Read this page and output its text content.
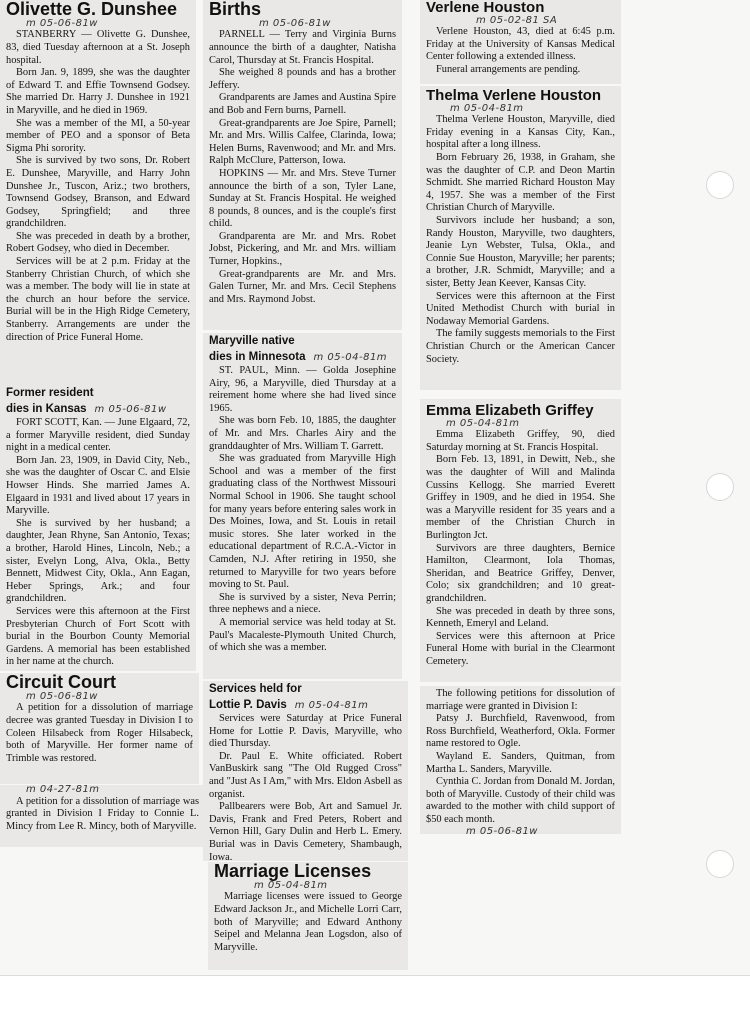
Olivette G. Dunshee
m 05-06-81w

STANBERRY — Olivette G. Dunshee, 83, died Tuesday afternoon at a St. Joseph hospital.

Born Jan. 9, 1899, she was the daughter of Edward T. and Effie Townsend Godsey. She married Dr. Harry J. Dunshee in 1921 in Maryville, and he died in 1969.

She was a member of the MI, a 50-year member of PEO and a sponsor of Beta Sigma Phi sorority.

She is survived by two sons, Dr. Robert E. Dunshee, Maryville, and Harry John Dunshee Jr., Tuscon, Ariz.; two brothers, Townsend Godsey, Branson, and Edward Godsey, Springfield; and three grandchildren.

She was preceded in death by a brother, Robert Godsey, who died in December.

Services will be at 2 p.m. Friday at the Stanberry Christian Church, of which she was a member. The body will lie in state at the church an hour before the service. Burial will be in the High Ridge Cemetery, Stanberry. Arrangements are under the direction of Price Funeral Home.

Former resident
dies in Kansas m 05-06-81w

FORT SCOTT, Kan. — June Elgaard, 72, a former Maryville resident, died Sunday night in a medical center.

Born Jan. 23, 1909, in David City, Neb., she was the daughter of Oscar C. and Elsie Howser Hinds. She married James A. Elgaard in 1931 and lived about 17 years in Maryville.

She is survived by her husband; a daughter, Jean Rhyne, San Antonio, Texas; a brother, Harold Hines, Lincoln, Neb.; a sister, Evelyn Long, Alva, Okla., Betty Bennett, Midwest City, Okla., Ann Eagan, Heber Springs, Ark.; and four grandchildren.

Services were this afternoon at the First Presbyterian Church of Fort Scott with burial in the Bourbon County Memorial Gardens. A memorial has been established in her name at the church.

Circuit Court
m 05-06-81w

A petition for a dissolution of marriage decree was granted Tuesday in Division I to Coleen Hilsabeck from Roger Hilsabeck, both of Maryville. Her former name of Trimble was restored.

m 04-27-81m

A petition for a dissolution of marriage was granted in Division I Friday to Connie L. Mincy from Lee R. Mincy, both of Maryville.

Births
m 05-06-81w

PARNELL — Terry and Virginia Burns announce the birth of a daughter, Natisha Carol, Thursday at St. Francis Hospital.

She weighed 8 pounds and has a brother Jeffery.

Grandparents are James and Austina Spire and Bob and Fern burns, Parnell.

Great-grandparents are Joe Spire, Parnell; Mr. and Mrs. Willis Calfee, Clarinda, Iowa; Helen Burns, Ravenwood; and Mr. and Mrs. Ralph McClure, Patterson, Iowa.

HOPKINS — Mr. and Mrs. Steve Turner announce the birth of a son, Tyler Lane, Sunday at St. Francis Hospital. He weighed 8 pounds, 8 ounces, and is the couple's first child.

Grandparenta are Mr. and Mrs. Robet Jobst, Pickering, and Mr. and Mrs. william Turner, Hopkins.,

Great-grandparents are Mr. and Mrs. Galen Turner, Mr. and Mrs. Cecil Stephens and Mrs. Raymond Jobst.

Maryville native
dies in Minnesota m 05-04-81m

ST. PAUL, Minn. — Golda Josephine Airy, 96, a Maryville, died Thursday at a reirement home where she had lived since 1965.

She was born Feb. 10, 1885, the daughter of Mr. and Mrs. Charles Airy and the granddaughter of Mrs. William T. Garrett.

She was graduated from Maryville High School and was a member of the first graduating class of the Northwest Missouri Normal School in 1906. She taught school for many years before entering sales work in Des Moines, Iowa, and St. Louis in retail music stores. She later worked in the educational department of R.C.A.-Victor in Camden, N.J. After retiring in 1950, she returned to Maryville for two years before moving to St. Paul.

She is survived by a sister, Neva Perrin; three nephews and a niece.

A memorial service was held today at St. Paul's Macaleste-Plymouth United Church, of which she was a member.

Services held for
Lottie P. Davis m 05-04-81m

Services were Saturday at Price Funeral Home for Lottie P. Davis, Maryville, who died Thursday.

Dr. Paul E. White officiated. Robert VanBuskirk sang "The Old Rugged Cross" and "Just As I Am," with Mrs. Eldon Asbell as organist.

Pallbearers were Bob, Art and Samuel Jr. Davis, Frank and Fred Peters, Robert and Vernon Hill, Gary Dulin and Herb L. Emery. Burial was in Davis Cemetery, Shambaugh, Iowa.

Marriage Licenses
m 05-04-81m

Marriage licenses were issued to George Edward Jackson Jr., and Michelle Lorri Carr, both of Maryville; and Edward Anthony Seipel and Melanna Jean Logsdon, also of Maryville.

Verlene Houston
m 05-02-81 SA

Verlene Houston, 43, died at 6:45 p.m. Friday at the University of Kansas Medical Center following a extended illness.

Funeral arrangements are pending.

Thelma Verlene Houston
m 05-04-81m

Thelma Verlene Houston, Maryville, died Friday evening in a Kansas City, Kan., hospital after a long illness.

Born February 26, 1938, in Graham, she was the daughter of C.P. and Deon Martin Schmidt. She married Richard Houston May 4, 1957. She was a member of the First Christian Church of Maryville.

Survivors include her husband; a son, Randy Houston, Maryville, two daughters, Jeanie Lyn Webster, Tulsa, Okla., and Connie Sue Houston, Maryville; her parents; a brother, J.R. Schmidt, Maryville; and a sister, Betty Jean Keever, Kansas City.

Services were this afternoon at the First United Methodist Church with burial in Nodaway Memorial Gardens.

The family suggests memorials to the First Christian Church or the American Cancer Society.

Emma Elizabeth Griffey
m 05-04-81m

Emma Elizabeth Griffey, 90, died Saturday morning at St. Francis Hospital.

Born Feb. 13, 1891, in Dewitt, Neb., she was the daughter of Will and Malinda Cussins Kellogg. She married Everett Griffey in 1909, and he died in 1954. She was a Maryville resident for 35 years and a member of the Christian Church in Burlington Jct.

Survivors are three daughters, Bernice Hamilton, Clearmont, Iola Thomas, Sheridan, and Beatrice Griffey, Denver, Colo; six grandchildren; and 10 great-grandchildren.

She was preceded in death by three sons, Kenneth, Emeryl and Leland.

Services were this afternoon at Price Funeral Home with burial in the Clearmont Cemetery.

The following petitions for dissolution of marriage were granted in Division I:

Patsy J. Burchfield, Ravenwood, from Ross Burchfield, Weatherford, Okla. Former name restored to Ogle.

Wayland E. Sanders, Quitman, from Martha L. Sanders, Maryville.

Cynthia C. Jordan from Donald M. Jordan, both of Maryville. Custody of their child was awarded to the mother with child support of $50 each month.

m 05-06-81w
